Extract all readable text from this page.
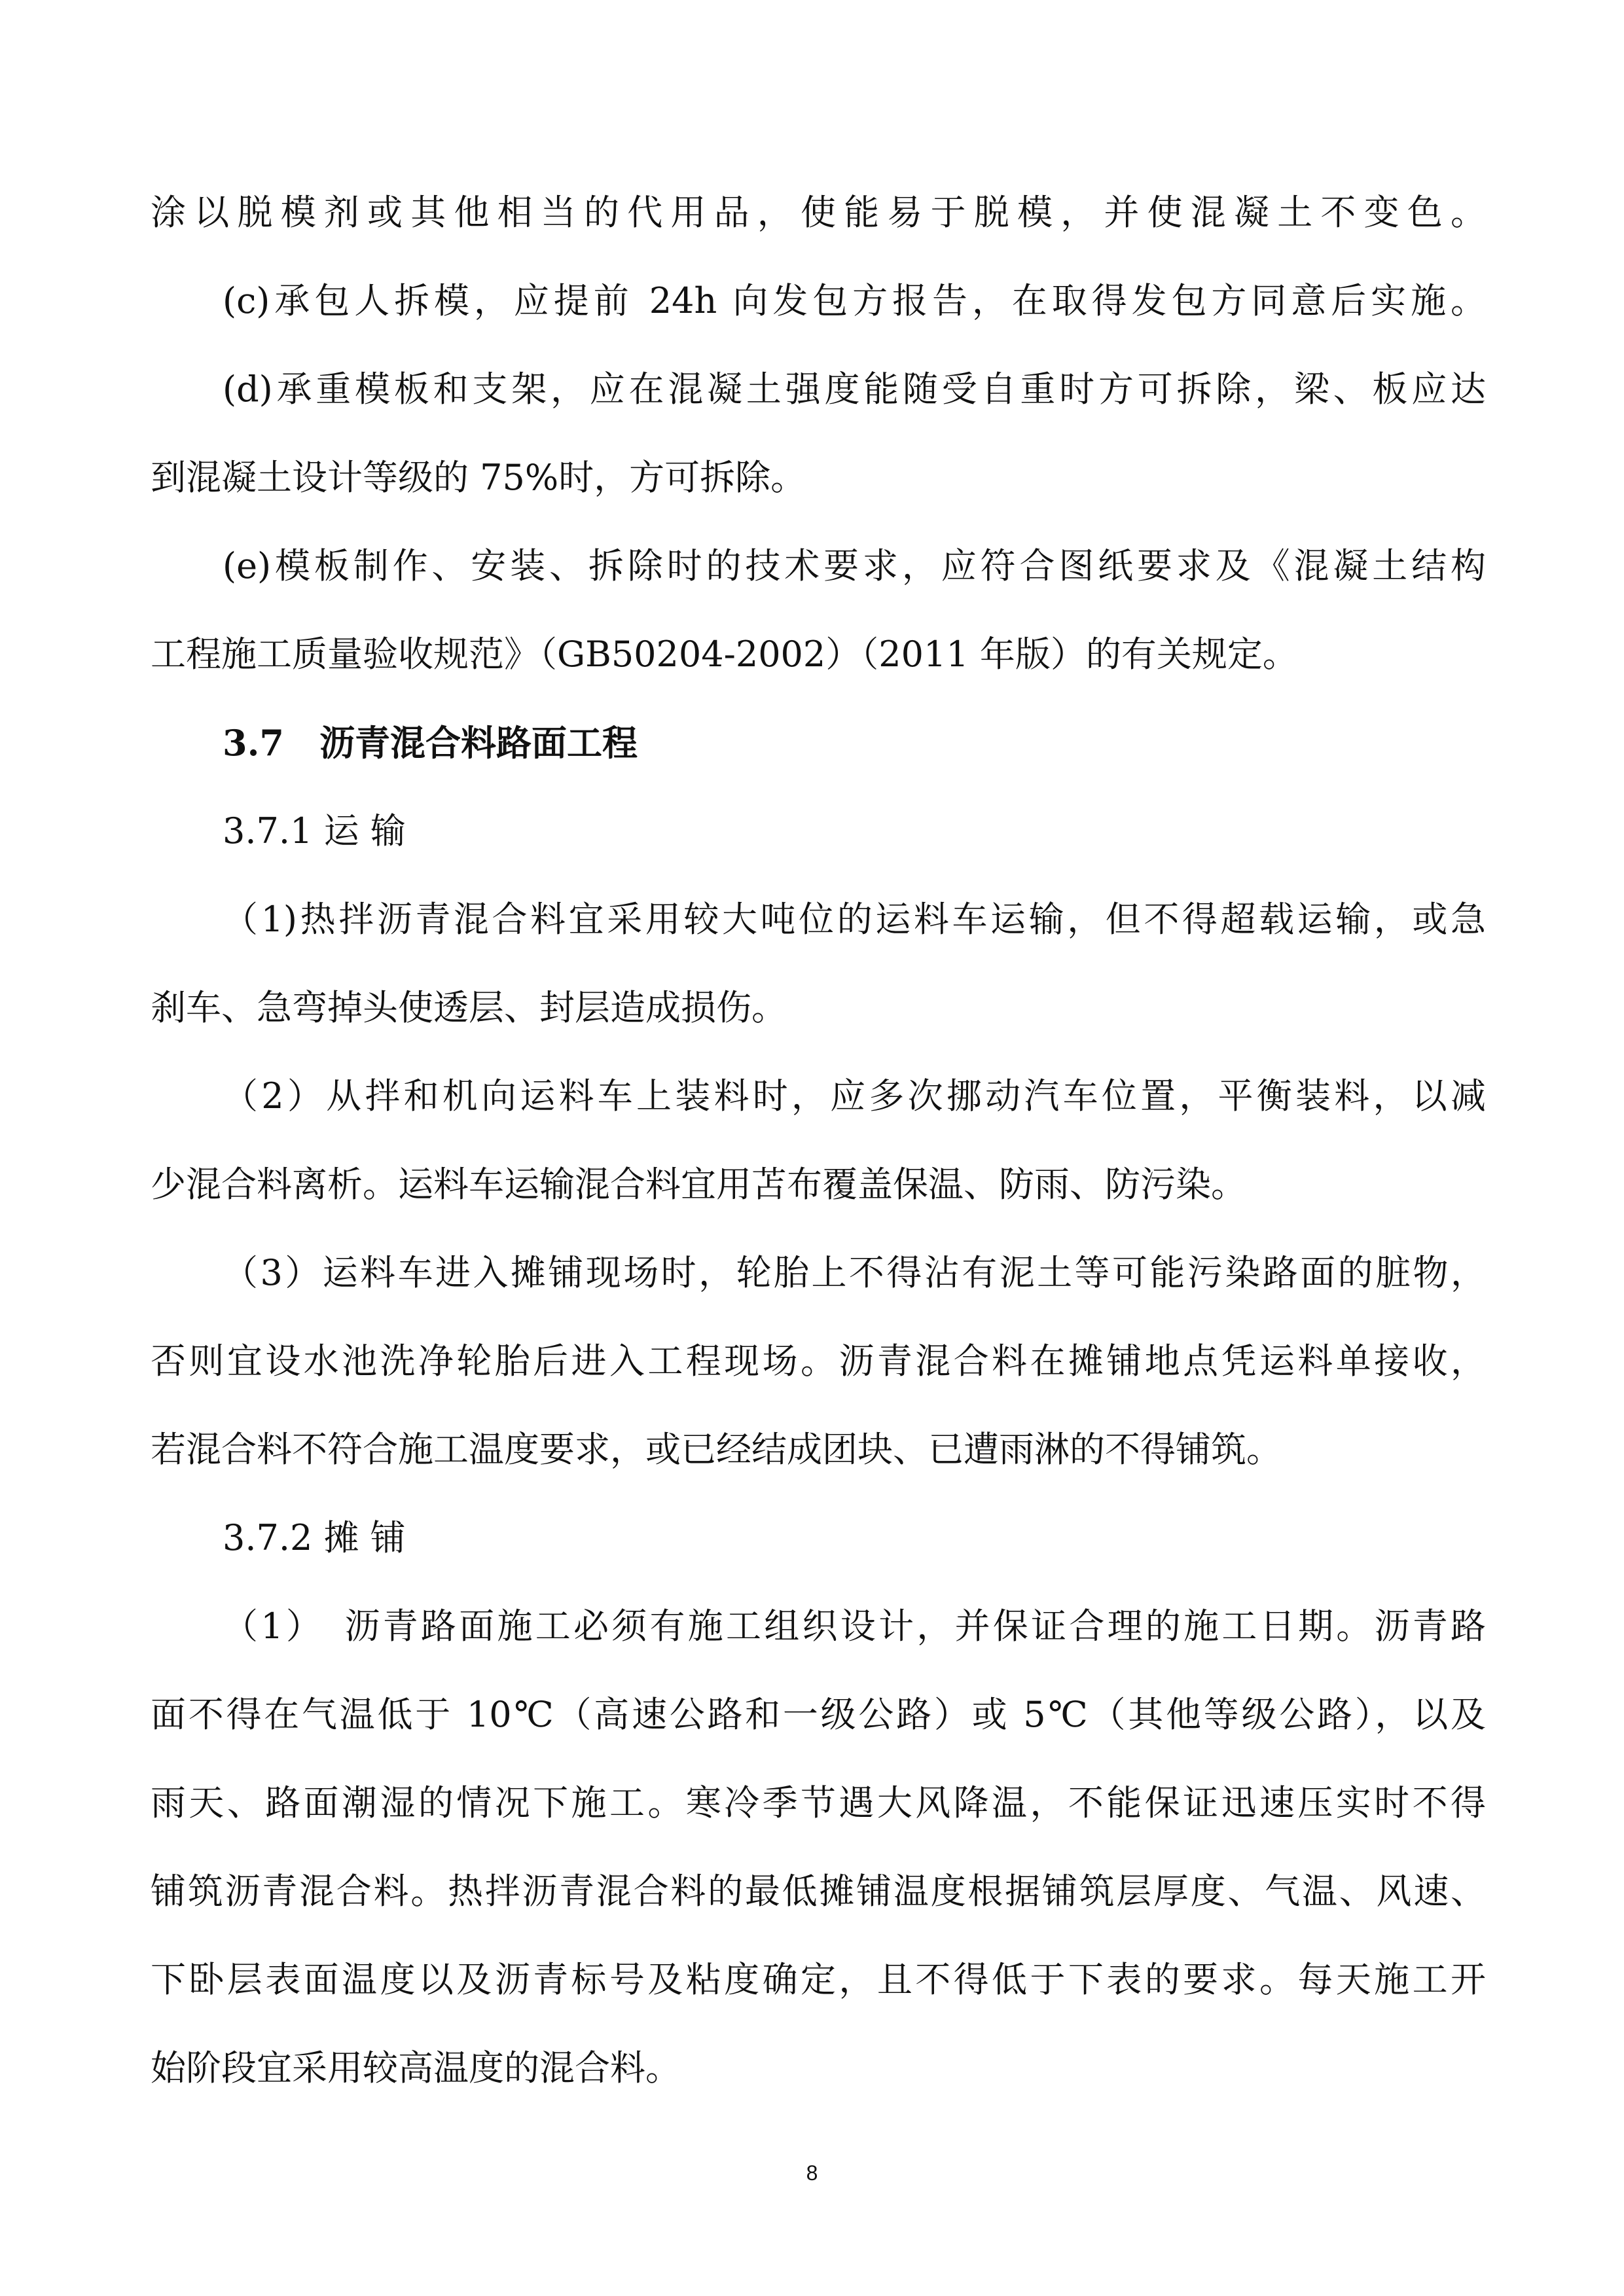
涂以脱模剂或其他相当的代用品，使能易于脱模，并使混凝土不变色。
(c)承包人拆模，应提前 24h 向发包方报告，在取得发包方同意后实施。
(d)承重模板和支架，应在混凝土强度能随受自重时方可拆除，梁、板应达
到混凝土设计等级的 75%时，方可拆除。
(e)模板制作、安装、拆除时的技术要求，应符合图纸要求及《混凝土结构
工程施工质量验收规范》（GB50204-2002）（2011 年版）的有关规定。
3.7　沥青混合料路面工程
3.7.1 运 输
（1)热拌沥青混合料宜采用较大吨位的运料车运输，但不得超载运输，或急
刹车、急弯掉头使透层、封层造成损伤。
（2）从拌和机向运料车上装料时，应多次挪动汽车位置，平衡装料，以减
少混合料离析。运料车运输混合料宜用苫布覆盖保温、防雨、防污染。
（3）运料车进入摊铺现场时，轮胎上不得沾有泥土等可能污染路面的脏物，
否则宜设水池洗净轮胎后进入工程现场。沥青混合料在摊铺地点凭运料单接收，
若混合料不符合施工温度要求，或已经结成团块、已遭雨淋的不得铺筑。
3.7.2 摊 铺
（1）　沥青路面施工必须有施工组织设计，并保证合理的施工日期。沥青路
面不得在气温低于 10℃（高速公路和一级公路）或 5℃（其他等级公路），以及
雨天、路面潮湿的情况下施工。寒冷季节遇大风降温，不能保证迅速压实时不得
铺筑沥青混合料。热拌沥青混合料的最低摊铺温度根据铺筑层厚度、气温、风速、
下卧层表面温度以及沥青标号及粘度确定，且不得低于下表的要求。每天施工开
始阶段宜采用较高温度的混合料。
8
